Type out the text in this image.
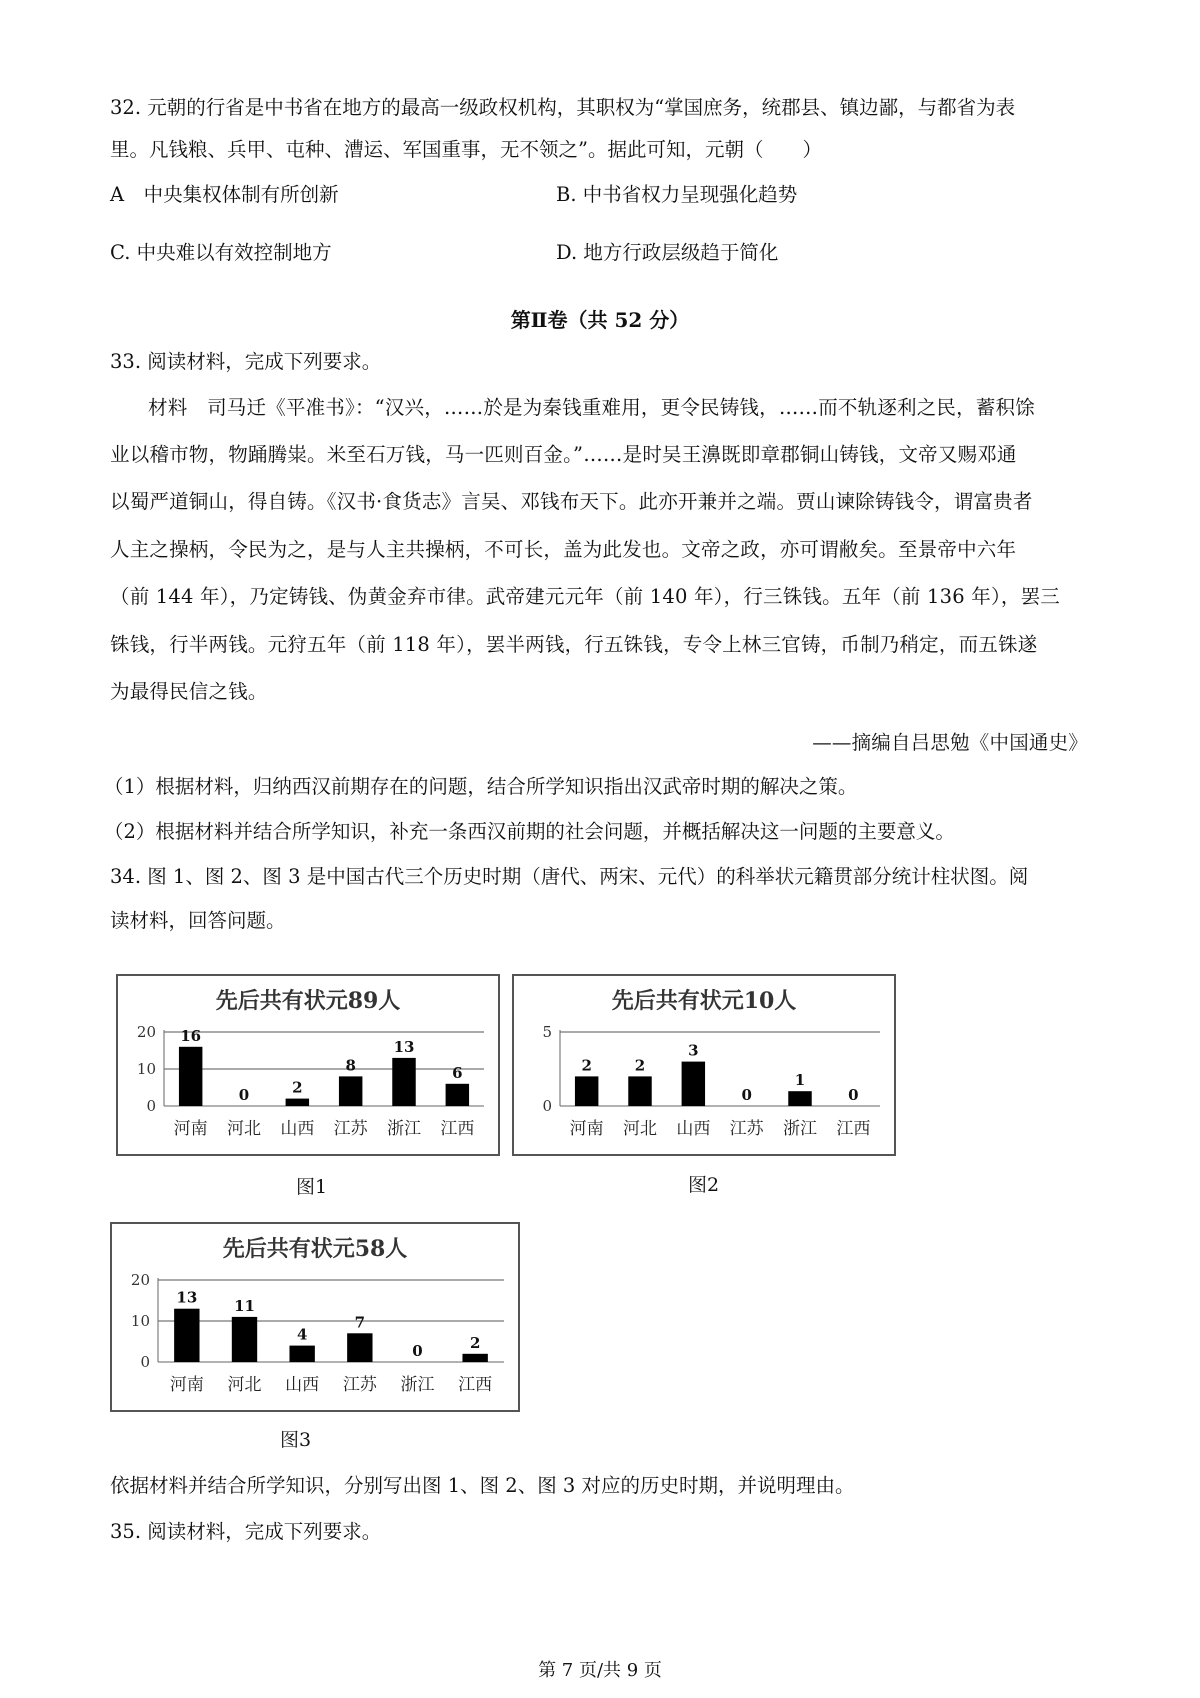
32. 元朝的行省是中书省在地方的最高一级政权机构，其职权为“掌国庶务，统郡县、镇边鄙，与都省为表
里。凡钱粮、兵甲、屯种、漕运、军国重事，无不领之”。据此可知，元朝（　　）
A　中央集权体制有所创新	B. 中书省权力呈现强化趋势
C. 中央难以有效控制地方	D. 地方行政层级趋于简化
第Ⅱ卷（共 52 分）
33. 阅读材料，完成下列要求。
材料　司马迁《平准书》：“汉兴，……於是为秦钱重难用，更令民铸钱，……而不轨逐利之民，蓄积馀
业以稽市物，物踊腾粜。米至石万钱，马一匹则百金。”……是时吴王濞既即章郡铜山铸钱，文帝又赐邓通
以蜀严道铜山，得自铸。《汉书·食货志》言吴、邓钱布天下。此亦开兼并之端。贾山谏除铸钱令，谓富贵者
人主之操柄，令民为之，是与人主共操柄，不可长，盖为此发也。文帝之政，亦可谓敝矣。至景帝中六年
（前 144 年），乃定铸钱、伪黄金弃市律。武帝建元元年（前 140 年），行三铢钱。五年（前 136 年），罢三
铢钱，行半两钱。元狩五年（前 118 年），罢半两钱，行五铢钱，专令上林三官铸，币制乃稍定，而五铢遂
为最得民信之钱。
——摘编自吕思勉《中国通史》
（1）根据材料，归纳西汉前期存在的问题，结合所学知识指出汉武帝时期的解决之策。
（2）根据材料并结合所学知识，补充一条西汉前期的社会问题，并概括解决这一问题的主要意义。
34. 图 1、图 2、图 3 是中国古代三个历史时期（唐代、两宋、元代）的科举状元籍贯部分统计柱状图。阅
读材料，回答问题。
先后共有状元89人
0
10
20 16
河南
0
河北
2
山西
8
江苏
13
浙江
6
江西
图1
先后共有状元10人
0
5
2
河南
2
河北
3
山西
0
江苏
1
浙江
0
江西
图2
先后共有状元58人
0
10
20
13
河南
11
河北
4
山西
7
江苏
0
浙江
2
江西
图3
依据材料并结合所学知识，分别写出图 1、图 2、图 3 对应的历史时期，并说明理由。
35. 阅读材料，完成下列要求。
第 7 页/共 9 页
